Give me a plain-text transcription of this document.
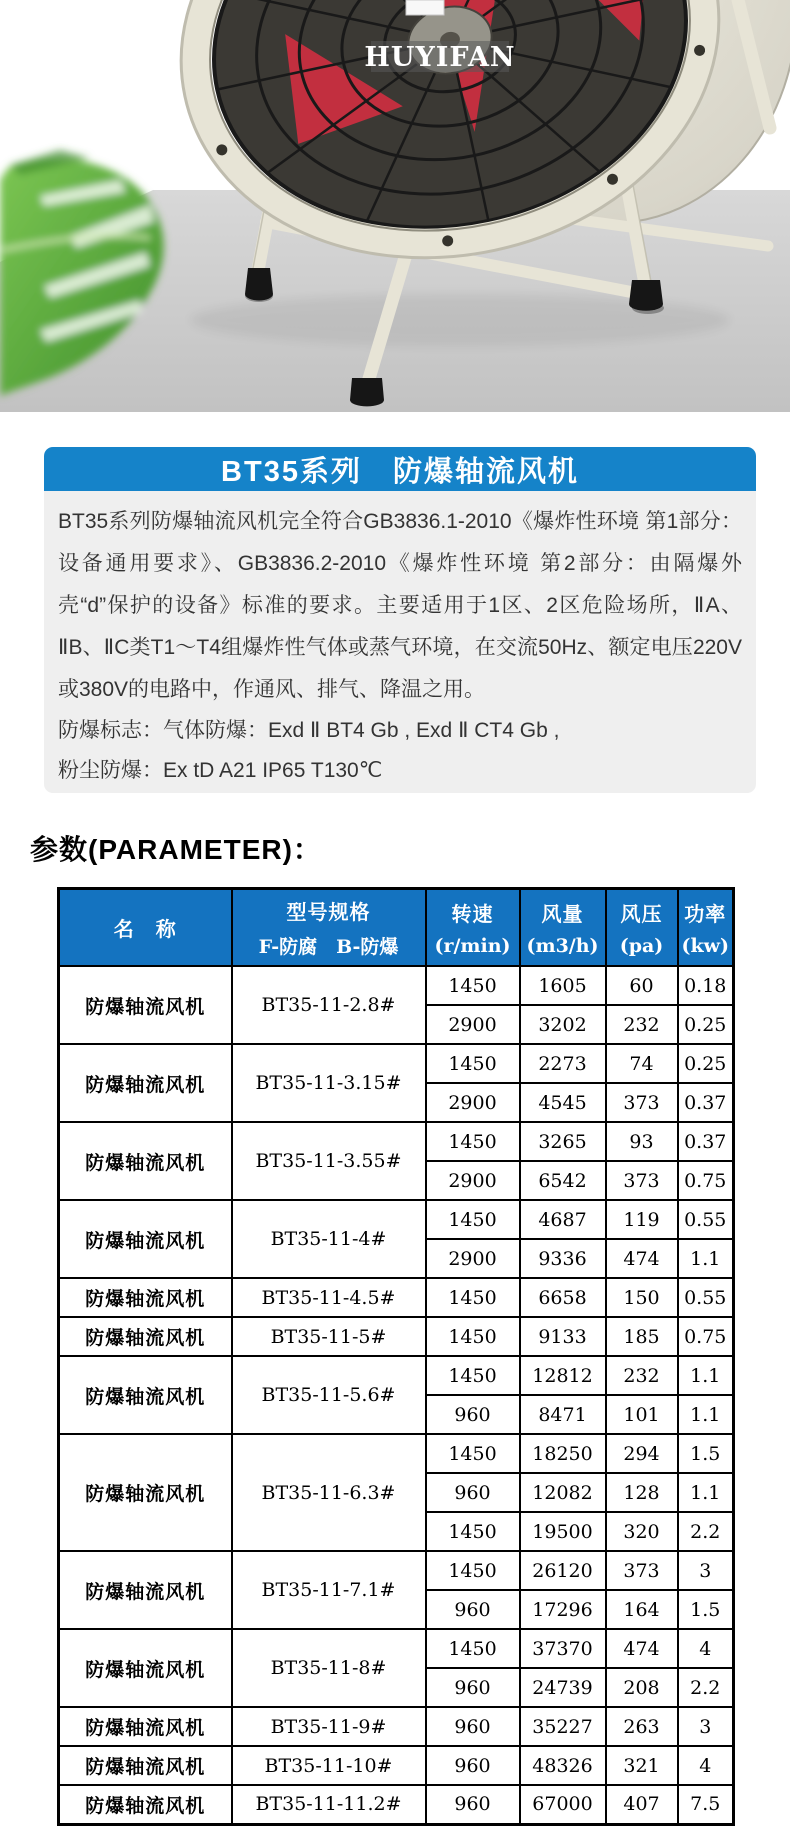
HUYIFAN
BT35系列　防爆轴流风机

BT35系列防爆轴流风机完全符合GB3836.1-2010《爆炸性环境 第1部分：设备通用要求》、GB3836.2-2010《爆炸性环境 第2部分：由隔爆外壳“d”保护的设备》标准的要求。主要适用于1区、2区危险场所，ⅡA、ⅡB、ⅡC类T1～T4组爆炸性气体或蒸气环境，在交流50Hz、额定电压220V或380V的电路中，作通风、排气、降温之用。

防爆标志：气体防爆：Exd Ⅱ BT4 Gb , Exd Ⅱ CT4 Gb ,

粉尘防爆：Ex tD A21 IP65 T130℃

参数(PARAMETER)：
名　称

型号规格
F-防腐　B-防爆

转速
(r/min)

风量
(m3/h)

风压
(pa)

功率
(kw)

防爆轴流风机	BT35-11-2.8#	1450	1605	60	0.18
		2900	3202	232	0.25
防爆轴流风机	BT35-11-3.15#	1450	2273	74	0.25
		2900	4545	373	0.37
防爆轴流风机	BT35-11-3.55#	1450	3265	93	0.37
		2900	6542	373	0.75
防爆轴流风机	BT35-11-4#	1450	4687	119	0.55
		2900	9336	474	1.1
防爆轴流风机	BT35-11-4.5#	1450	6658	150	0.55
防爆轴流风机	BT35-11-5#	1450	9133	185	0.75
防爆轴流风机	BT35-11-5.6#	1450	12812	232	1.1
		960	8471	101	1.1
防爆轴流风机	BT35-11-6.3#	1450	18250	294	1.5
		960	12082	128	1.1
		1450	19500	320	2.2
防爆轴流风机	BT35-11-7.1#	1450	26120	373	3
		960	17296	164	1.5
防爆轴流风机	BT35-11-8#	1450	37370	474	4
		960	24739	208	2.2
防爆轴流风机	BT35-11-9#	960	35227	263	3
防爆轴流风机	BT35-11-10#	960	48326	321	4
防爆轴流风机	BT35-11-11.2#	960	67000	407	7.5
